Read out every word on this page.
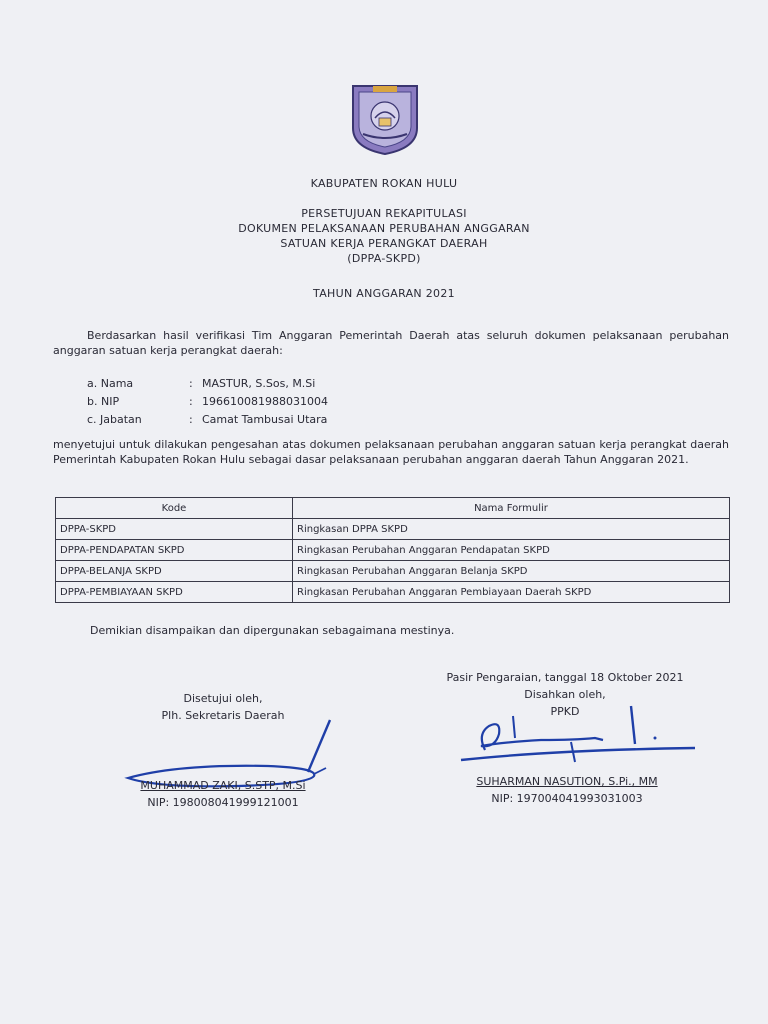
KABUPATEN ROKAN HULU
PERSETUJUAN REKAPITULASI
DOKUMEN PELAKSANAAN PERUBAHAN ANGGARAN
SATUAN KERJA PERANGKAT DAERAH
(DPPA-SKPD)
TAHUN ANGGARAN 2021
Berdasarkan hasil verifikasi Tim Anggaran Pemerintah Daerah atas seluruh dokumen pelaksanaan perubahan anggaran satuan kerja perangkat daerah:
a. Nama	: MASTUR, S.Sos, M.Si
b. NIP	: 196610081988031004
c. Jabatan	: Camat Tambusai Utara
menyetujui untuk dilakukan pengesahan atas dokumen pelaksanaan perubahan anggaran satuan kerja perangkat daerah Pemerintah Kabupaten Rokan Hulu sebagai dasar pelaksanaan perubahan anggaran daerah Tahun Anggaran 2021.
Kode	Nama Formulir
DPPA-SKPD	Ringkasan DPPA SKPD
DPPA-PENDAPATAN SKPD	Ringkasan Perubahan Anggaran Pendapatan SKPD
DPPA-BELANJA SKPD	Ringkasan Perubahan Anggaran Belanja SKPD
DPPA-PEMBIAYAAN SKPD	Ringkasan Perubahan Anggaran Pembiayaan Daerah SKPD
Demikian disampaikan dan dipergunakan sebagaimana mestinya.
Pasir Pengaraian, tanggal 18 Oktober 2021
Disahkan oleh,
PPKD
Disetujui oleh,
Plh. Sekretaris Daerah
MUHAMMAD ZAKI, S.STP, M.Si
NIP: 198008041999121001
SUHARMAN NASUTION, S.Pi., MM
NIP: 197004041993031003
